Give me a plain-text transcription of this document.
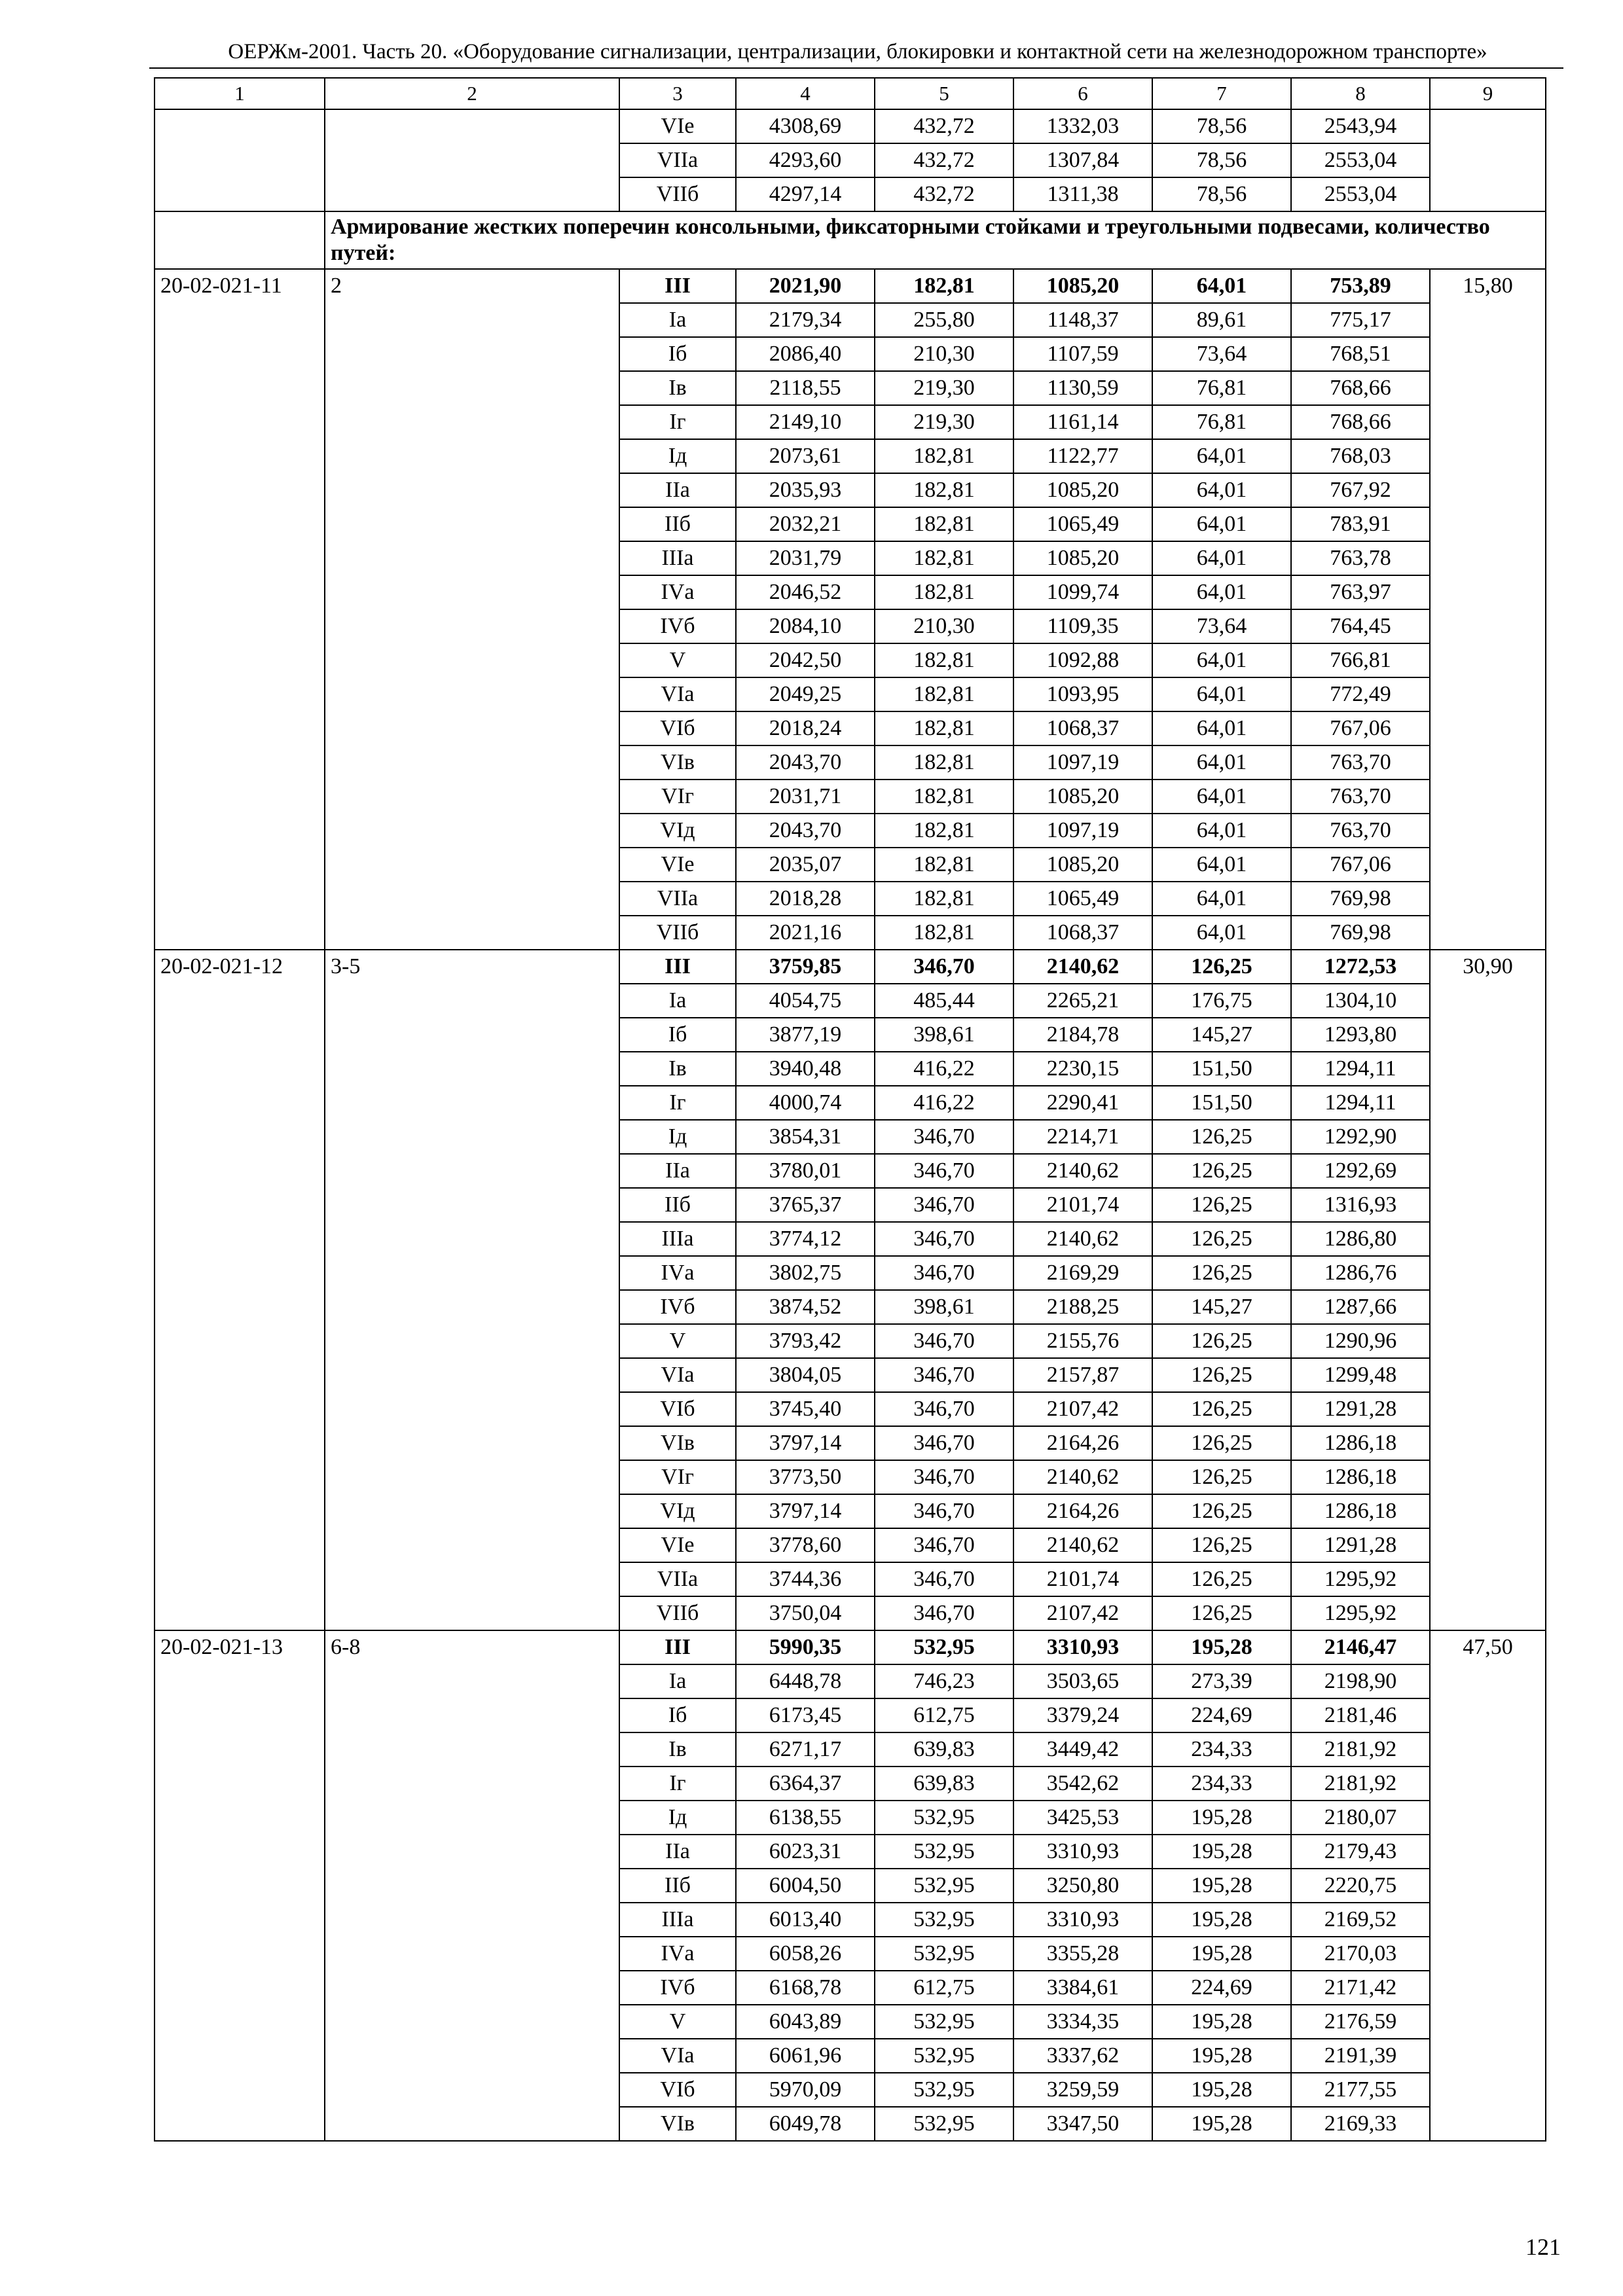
ОЕРЖм-2001. Часть 20. «Оборудование сигнализации, централизации, блокировки и контактной сети на железнодорожном транспорте»
1	2	3	4	5	6	7	8	9
		VIе	4308,69	432,72	1332,03	78,56	2543,94	
		VIIа	4293,60	432,72	1307,84	78,56	2553,04	
		VIIб	4297,14	432,72	1311,38	78,56	2553,04	
	Армирование жестких поперечин консольными, фиксаторными стойками и треугольными подвесами, количество путей:							
20-02-021-11	2	III	2021,90	182,81	1085,20	64,01	753,89	15,80
		Iа	2179,34	255,80	1148,37	89,61	775,17	
		Iб	2086,40	210,30	1107,59	73,64	768,51	
		Iв	2118,55	219,30	1130,59	76,81	768,66	
		Iг	2149,10	219,30	1161,14	76,81	768,66	
		Iд	2073,61	182,81	1122,77	64,01	768,03	
		IIа	2035,93	182,81	1085,20	64,01	767,92	
		IIб	2032,21	182,81	1065,49	64,01	783,91	
		IIIа	2031,79	182,81	1085,20	64,01	763,78	
		IVа	2046,52	182,81	1099,74	64,01	763,97	
		IVб	2084,10	210,30	1109,35	73,64	764,45	
		V	2042,50	182,81	1092,88	64,01	766,81	
		VIа	2049,25	182,81	1093,95	64,01	772,49	
		VIб	2018,24	182,81	1068,37	64,01	767,06	
		VIв	2043,70	182,81	1097,19	64,01	763,70	
		VIг	2031,71	182,81	1085,20	64,01	763,70	
		VIд	2043,70	182,81	1097,19	64,01	763,70	
		VIе	2035,07	182,81	1085,20	64,01	767,06	
		VIIа	2018,28	182,81	1065,49	64,01	769,98	
		VIIб	2021,16	182,81	1068,37	64,01	769,98	
20-02-021-12	3-5	III	3759,85	346,70	2140,62	126,25	1272,53	30,90
		Iа	4054,75	485,44	2265,21	176,75	1304,10	
		Iб	3877,19	398,61	2184,78	145,27	1293,80	
		Iв	3940,48	416,22	2230,15	151,50	1294,11	
		Iг	4000,74	416,22	2290,41	151,50	1294,11	
		Iд	3854,31	346,70	2214,71	126,25	1292,90	
		IIа	3780,01	346,70	2140,62	126,25	1292,69	
		IIб	3765,37	346,70	2101,74	126,25	1316,93	
		IIIа	3774,12	346,70	2140,62	126,25	1286,80	
		IVа	3802,75	346,70	2169,29	126,25	1286,76	
		IVб	3874,52	398,61	2188,25	145,27	1287,66	
		V	3793,42	346,70	2155,76	126,25	1290,96	
		VIа	3804,05	346,70	2157,87	126,25	1299,48	
		VIб	3745,40	346,70	2107,42	126,25	1291,28	
		VIв	3797,14	346,70	2164,26	126,25	1286,18	
		VIг	3773,50	346,70	2140,62	126,25	1286,18	
		VIд	3797,14	346,70	2164,26	126,25	1286,18	
		VIе	3778,60	346,70	2140,62	126,25	1291,28	
		VIIа	3744,36	346,70	2101,74	126,25	1295,92	
		VIIб	3750,04	346,70	2107,42	126,25	1295,92	
20-02-021-13	6-8	III	5990,35	532,95	3310,93	195,28	2146,47	47,50
		Iа	6448,78	746,23	3503,65	273,39	2198,90	
		Iб	6173,45	612,75	3379,24	224,69	2181,46	
		Iв	6271,17	639,83	3449,42	234,33	2181,92	
		Iг	6364,37	639,83	3542,62	234,33	2181,92	
		Iд	6138,55	532,95	3425,53	195,28	2180,07	
		IIа	6023,31	532,95	3310,93	195,28	2179,43	
		IIб	6004,50	532,95	3250,80	195,28	2220,75	
		IIIа	6013,40	532,95	3310,93	195,28	2169,52	
		IVа	6058,26	532,95	3355,28	195,28	2170,03	
		IVб	6168,78	612,75	3384,61	224,69	2171,42	
		V	6043,89	532,95	3334,35	195,28	2176,59	
		VIа	6061,96	532,95	3337,62	195,28	2191,39	
		VIб	5970,09	532,95	3259,59	195,28	2177,55	
		VIв	6049,78	532,95	3347,50	195,28	2169,33	
121
